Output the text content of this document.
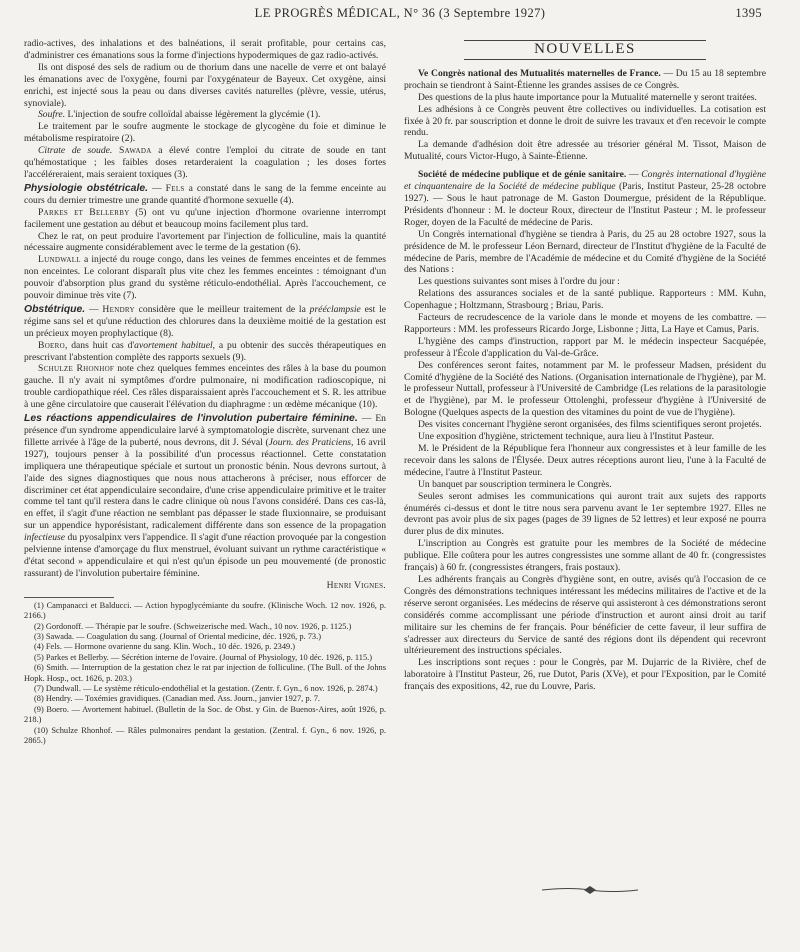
LE PROGRÈS MÉDICAL, N° 36 (3 Septembre 1927)	1395

radio-actives, des inhalations et des balnéations, il serait profitable, pour certains cas, d'administrer ces émanations sous la forme d'injections hypodermiques de gaz radio-activés.

Ils ont disposé des sels de radium ou de thorium dans une nacelle de verre et ont balayé les émanations avec de l'oxygène, fourni par l'oxygénateur de Bayeux. Cet oxygène, ainsi enrichi, est injecté sous la peau ou dans diverses cavités naturelles (plèvre, vessie, utérus, synoviale).

Soufre. L'injection de soufre colloïdal abaisse légèrement la glycémie (1).

Le traitement par le soufre augmente le stockage de glycogène du foie et diminue le métabolisme respiratoire (2).

Citrate de soude. Sawada a élevé contre l'emploi du citrate de soude en tant qu'hémostatique ; les faibles doses retarderaient la coagulation ; les doses fortes l'accéléreraient, mais seraient toxiques (3).

Physiologie obstétricale. — Fels a constaté dans le sang de la femme enceinte au cours du dernier trimestre une grande quantité d'hormone sexuelle (4).

Parkes et Bellerby (5) ont vu qu'une injection d'hormone ovarienne interrompt facilement une gestation au début et beaucoup moins facilement plus tard.

Chez le rat, on peut produire l'avortement par l'injection de folliculine, mais la quantité nécessaire augmente considérablement avec le terme de la gestation (6).

Lundwall a injecté du rouge congo, dans les veines de femmes enceintes et de femmes non enceintes. Le colorant disparaît plus vite chez les femmes enceintes : témoignant d'un pouvoir d'absorption plus grand du système réticulo-endothélial. Après l'accouchement, ce pouvoir diminue très vite (7).

Obstétrique. — Hendry considère que le meilleur traitement de la prééclampsie est le régime sans sel et qu'une réduction des chlorures dans la deuxième moitié de la gestation est un précieux moyen prophylactique (8).

Boero, dans huit cas d'avortement habituel, a pu obtenir des succès thérapeutiques en prescrivant l'abstention complète des rapports sexuels (9).

Schulze Rhonhof note chez quelques femmes enceintes des râles à la base du poumon gauche. Il n'y avait ni symptômes d'ordre pulmonaire, ni modification radioscopique, ni trouble cardiopathique réel. Ces râles disparaissaient après l'accouchement et S. R. les attribue à une gêne circulatoire que causerait l'élévation du diaphragme : un œdème mécanique (10).

Les réactions appendiculaires de l'involution pubertaire féminine. — En présence d'un syndrome appendiculaire larvé à symptomatologie discrète, survenant chez une fillette arrivée à l'âge de la puberté, nous devrons, dit J. Séval (Journ. des Praticiens, 16 avril 1927), toujours penser à la possibilité d'un processus réactionnel. Cette constatation impliquera une thérapeutique spéciale et surtout un pronostic bénin. Nous devrons surtout, à l'aide des signes diagnostiques que nous nous attacherons à préciser, nous efforcer de discriminer cet état appendiculaire secondaire, d'une crise appendiculaire primitive et le traiter comme tel tant qu'il restera dans le cadre clinique où nous l'avons considéré. Dans ces cas-là, en effet, il s'agit d'une réaction ne semblant pas dépasser le stade fluxionnaire, se produisant sur un appendice hyporésistant, radicalement différente dans son essence de la propagation infectieuse du pyosalpinx vers l'appendice. Il s'agit d'une réaction provoquée par la congestion pelvienne intense d'amorçage du flux menstruel, évoluant suivant un rythme caractéristique « d'état second » appendiculaire et qui n'est qu'un épisode un peu mouvementé (de pronostic rassurant) de l'involution pubertaire féminine.

Henri Vignes.

(1) Campanacci et Balducci. — Action hypoglycémiante du soufre. (Klinische Woch. 12 nov. 1926, p. 2166.)

(2) Gordonoff. — Thérapie par le soufre. (Schweizerische med. Wach., 10 nov. 1926, p. 1125.)

(3) Sawada. — Coagulation du sang. (Journal of Oriental medicine, déc. 1926, p. 73.)

(4) Fels. — Hormone ovarienne du sang. Klin. Woch., 10 déc. 1926, p. 2349.)

(5) Parkes et Bellerby. — Sécrétion interne de l'ovaire. (Journal of Physiology, 10 déc. 1926, p. 115.)

(6) Smith. — Interruption de la gestation chez le rat par injection de folliculine. (The Bull. of the Johns Hopk. Hosp., oct. 1626, p. 203.)

(7) Dundwall. — Le système réticulo-endothélial et la gestation. (Zentr. f. Gyn., 6 nov. 1926, p. 2874.)

(8) Hendry. — Toxémies gravidiques. (Canadian med. Ass. Journ., janvier 1927, p. 7.

(9) Boero. — Avortement habituel. (Bulletin de la Soc. de Obst. y Gin. de Buenos-Aires, août 1926, p. 218.)

(10) Schulze Rhonhof. — Râles pulmonaires pendant la gestation. (Zentral. f. Gyn., 6 nov. 1926, p. 2865.)

NOUVELLES

Ve Congrès national des Mutualités maternelles de France. — Du 15 au 18 septembre prochain se tiendront à Saint-Étienne les grandes assises de ce Congrès.

Des questions de la plus haute importance pour la Mutualité maternelle y seront traitées.

Les adhésions à ce Congrès peuvent être collectives ou individuelles. La cotisation est fixée à 20 fr. par souscription et donne le droit de suivre les travaux et d'en recevoir le compte rendu.

La demande d'adhésion doit être adressée au trésorier général M. Tissot, Maison de Mutualité, cours Victor-Hugo, à Sainte-Étienne.

Société de médecine publique et de génie sanitaire. — Congrès international d'hygiène et cinquantenaire de la Société de médecine publique (Paris, Institut Pasteur, 25-28 octobre 1927). — Sous le haut patronage de M. Gaston Doumergue, président de la République. Présidents d'honneur : M. le docteur Roux, directeur de l'Institut Pasteur ; M. le professeur Roger, doyen de la Faculté de médecine de Paris.

Un Congrès international d'hygiène se tiendra à Paris, du 25 au 28 octobre 1927, sous la présidence de M. le professeur Léon Bernard, directeur de l'Institut d'hygiène de la Faculté de médecine de Paris, membre de l'Académie de médecine et du Comité d'hygiène de la Société des Nations :

Les questions suivantes sont mises à l'ordre du jour :

Relations des assurances sociales et de la santé publique. Rapporteurs : MM. Kuhn, Copenhague ; Holtzmann, Strasbourg ; Briau, Paris.

Facteurs de recrudescence de la variole dans le monde et moyens de les combattre. — Rapporteurs : MM. les professeurs Ricardo Jorge, Lisbonne ; Jitta, La Haye et Camus, Paris.

L'hygiène des camps d'instruction, rapport par M. le médecin inspecteur Sacquépée, professeur à l'École d'application du Val-de-Grâce.

Des conférences seront faites, notamment par M. le professeur Madsen, président du Comité d'hygiène de la Société des Nations. (Organisation internationale de l'hygiène), par M. le professeur Nuttall, professeur à l'Université de Cambridge (Les relations de la parasitologie et de l'hygiène), par M. le professeur Ottolenghi, professeur d'hygiène à l'Université de Bologne (Quelques aspects de la question des vitamines du point de vue de l'hygiène).

Des visites concernant l'hygiène seront organisées, des films scientifiques seront projetés.

Une exposition d'hygiène, strictement technique, aura lieu à l'Institut Pasteur.

M. le Président de la République fera l'honneur aux congressistes et à leur famille de les recevoir dans les salons de l'Élysée. Deux autres réceptions auront lieu, l'une à la Faculté de médecine, l'autre à l'Institut Pasteur.

Un banquet par souscription terminera le Congrès.

Seules seront admises les communications qui auront trait aux sujets des rapports énumérés ci-dessus et dont le titre nous sera parvenu avant le 1er septembre 1927. Elles ne devront pas avoir plus de six pages (pages de 39 lignes de 52 lettres) et leur exposé ne pourra durer plus de dix minutes.

L'inscription au Congrès est gratuite pour les membres de la Société de médecine publique. Elle coûtera pour les autres congressistes une somme allant de 40 fr. (congressistes français) à 60 fr. (congressistes étrangers, frais postaux).

Les adhérents français au Congrès d'hygiène sont, en outre, avisés qu'à l'occasion de ce Congrès des démonstrations techniques intéressant les médecins militaires de l'active et de la réserve seront organisées. Les médecins de réserve qui assisteront à ces démonstrations seront considérés comme accomplissant une période d'instruction et auront ainsi droit au tarif militaire sur les chemins de fer français. Pour bénéficier de cette faveur, il leur suffira de s'adresser aux directeurs du Service de santé des régions dont ils dépendent qui recevront ultérieurement des instructions spéciales.

Les inscriptions sont reçues : pour le Congrès, par M. Dujarric de la Rivière, chef de laboratoire à l'Institut Pasteur, 26, rue Dutot, Paris (XVe), et pour l'Exposition, par le Comité français des expositions, 42, rue du Louvre, Paris.
